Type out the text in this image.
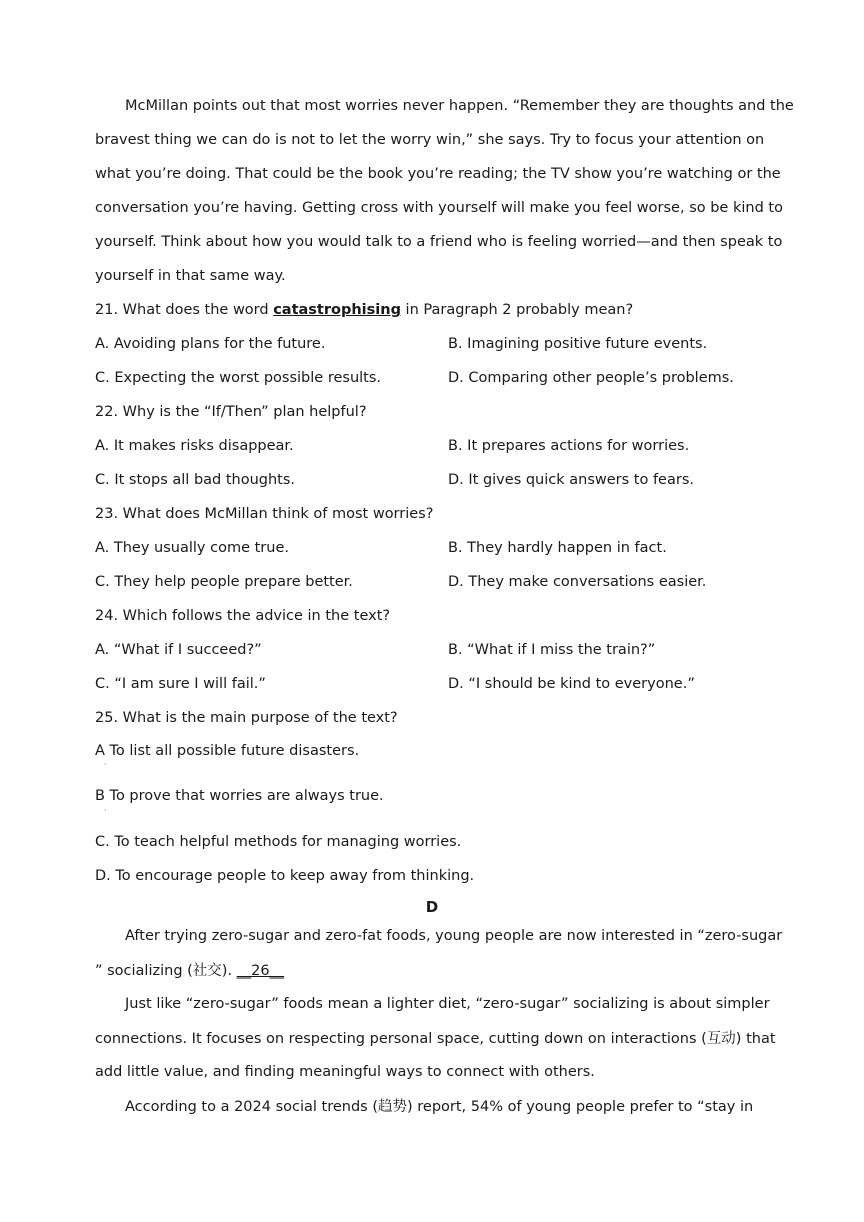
McMillan points out that most worries never happen. “Remember they are thoughts and the
bravest thing we can do is not to let the worry win,” she says. Try to focus your attention on
what you’re doing. That could be the book you’re reading; the TV show you’re watching or the
conversation you’re having. Getting cross with yourself will make you feel worse, so be kind to
yourself. Think about how you would talk to a friend who is feeling worried—and then speak to
yourself in that same way.
21. What does the word catastrophising in Paragraph 2 probably mean?
A. Avoiding plans for the future.	B. Imagining positive future events.
C. Expecting the worst possible results.	D. Comparing other people’s problems.
22. Why is the “If/Then” plan helpful?
A. It makes risks disappear.	B. It prepares actions for worries.
C. It stops all bad thoughts.	D. It gives quick answers to fears.
23. What does McMillan think of most worries?
A. They usually come true.	B. They hardly happen in fact.
C. They help people prepare better.	D. They make conversations easier.
24. Which follows the advice in the text?
A. “What if I succeed?”	B. “What if I miss the train?”
C. “I am sure I will fail.”	D. “I should be kind to everyone.”
25. What is the main purpose of the text?
A To list all possible future disasters.
‧
B To prove that worries are always true.
‧
C. To teach helpful methods for managing worries.
D. To encourage people to keep away from thinking.
D
After trying zero-sugar and zero-fat foods, young people are now interested in “zero-sugar
” socializing (社交). __26__
Just like “zero-sugar” foods mean a lighter diet, “zero-sugar” socializing is about simpler
connections. It focuses on respecting personal space, cutting down on interactions (互动) that
add little value, and finding meaningful ways to connect with others.
According to a 2024 social trends (趋势) report, 54% of young people prefer to “stay in
